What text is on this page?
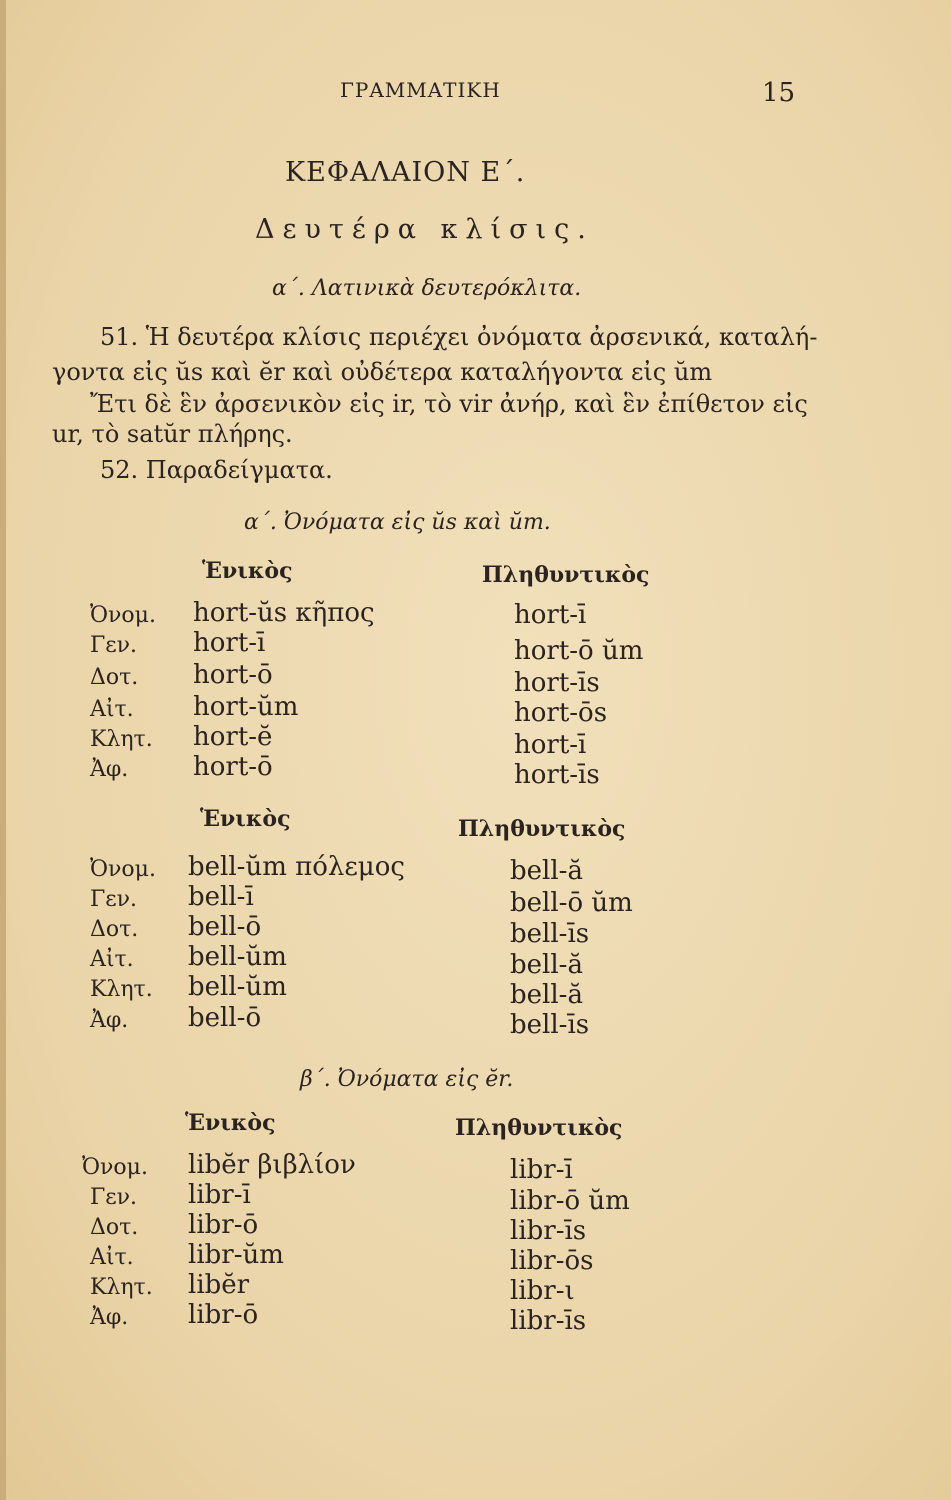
ΓΡΑΜΜΑΤΙΚΗ	15
ΚΕΦΑΛΑΙΟΝ Ε΄.
Δευτέρα κλίσις.
α΄. Λατινικὰ δευτερόκλιτα.
51. Ἡ δευτέρα κλίσις περιέχει ὀνόματα ἀρσενικά, καταλή-
γοντα εἰς ŭs καὶ ĕr καὶ οὐδέτερα καταλήγοντα εἰς ŭm
Ἔτι δὲ ἓν ἀρσενικὸν εἰς ir, τὸ vir ἀνήρ, καὶ ἓν ἐπίθετον εἰς
ur, τὸ satŭr πλήρης.
52. Παραδείγματα.
α΄. Ὀνόματα εἰς ŭs καὶ ŭm.
Ἑνικὸς	Πληθυντικὸς
Ὀνομ. hort-ŭs κῆπος	hort-ī
Γεν. hort-ī	hort-ō ŭm
Δοτ. hort-ō	hort-īs
Αἰτ. hort-ŭm	hort-ōs
Κλητ. hort-ĕ	hort-ī
Ἀφ. hort-ō	hort-īs
Ἑνικὸς	Πληθυντικὸς
Ὀνομ. bell-ŭm πόλεμος	bell-ă
Γεν. bell-ī	bell-ō ŭm
Δοτ. bell-ō	bell-īs
Αἰτ. bell-ŭm	bell-ă
Κλητ. bell-ŭm	bell-ă
Ἀφ. bell-ō	bell-īs
β΄. Ὀνόματα εἰς ĕr.
Ἑνικὸς	Πληθυντικὸς
Ὀνομ. libĕr βιβλίον	libr-ī
Γεν. libr-ī	libr-ō ŭm
Δοτ. libr-ō	libr-īs
Αἰτ. libr-ŭm	libr-ōs
Κλητ. libĕr	libr-ι
Ἀφ. libr-ō	libr-īs
